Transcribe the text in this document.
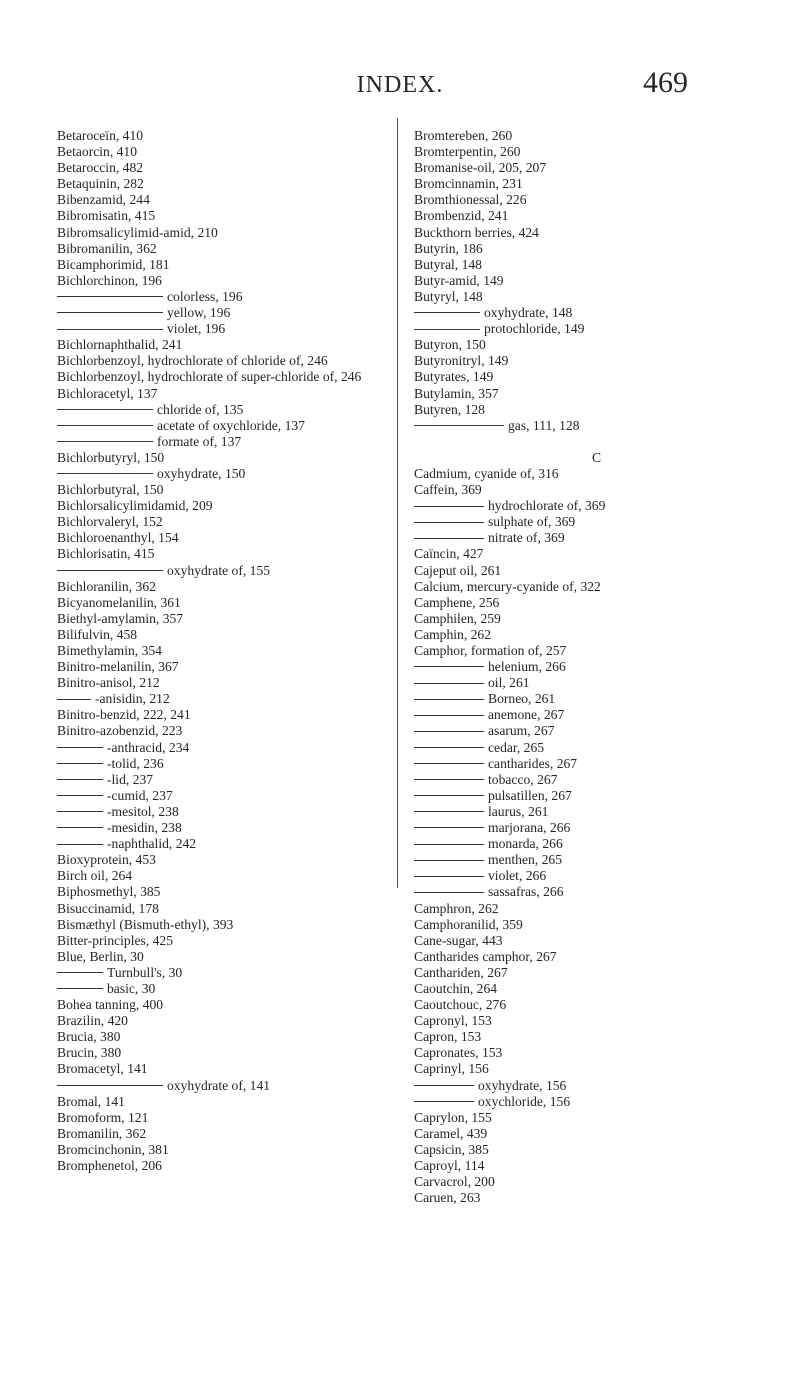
INDEX.	469
Betaroceïn, 410
Betaorcin, 410
Betaroccin, 482
Betaquinin, 282
Bibenzamid, 244
Bibromisatin, 415
Bibromsalicylimid-amid, 210
Bibromanilin, 362
Bicamphorimid, 181
Bichlorchinon, 196
colorless, 196
yellow, 196
violet, 196
Bichlornaphthalid, 241
Bichlorbenzoyl, hydrochlorate of chloride of, 246
Bichlorbenzoyl, hydrochlorate of super-chloride of, 246
Bichloracetyl, 137
chloride of, 135
acetate of oxychloride, 137
formate of, 137
Bichlorbutyryl, 150
oxyhydrate, 150
Bichlorbutyral, 150
Bichlorsalicylimidamid, 209
Bichlorvaleryl, 152
Bichloroenanthyl, 154
Bichlorisatin, 415
oxyhydrate of, 155
Bichloranilin, 362
Bicyanomelanilin, 361
Biethyl-amylamin, 357
Bilifulvin, 458
Bimethylamin, 354
Binitro-melanilin, 367
Binitro-anisol, 212
-anisidin, 212
Binitro-benzid, 222, 241
Binitro-azobenzid, 223
-anthracid, 234
-tolid, 236
-lid, 237
-cumid, 237
-mesitol, 238
-mesidin, 238
-naphthalid, 242
Bioxyprotein, 453
Birch oil, 264
Biphosmethyl, 385
Bisuccinamid, 178
Bismæthyl (Bismuth-ethyl), 393
Bitter-principles, 425
Blue, Berlin, 30
Turnbull's, 30
basic, 30
Bohea tanning, 400
Brazilin, 420
Brucia, 380
Brucin, 380
Bromacetyl, 141
oxyhydrate of, 141
Bromal, 141
Bromoform, 121
Bromanilin, 362
Bromcinchonin, 381
Bromphenetol, 206
Bromtereben, 260
Bromterpentin, 260
Bromanise-oil, 205, 207
Bromcinnamin, 231
Bromthionessal, 226
Brombenzid, 241
Buckthorn berries, 424
Butyrin, 186
Butyral, 148
Butyr-amid, 149
Butyryl, 148
oxyhydrate, 148
protochloride, 149
Butyron, 150
Butyronitryl, 149
Butyrates, 149
Butylamin, 357
Butyren, 128
gas, 111, 128

C
Cadmium, cyanide of, 316
Caffein, 369
hydrochlorate of, 369
sulphate of, 369
nitrate of, 369
Caïncin, 427
Cajeput oil, 261
Calcium, mercury-cyanide of, 322
Camphene, 256
Camphilen, 259
Camphin, 262
Camphor, formation of, 257
helenium, 266
oil, 261
Borneo, 261
anemone, 267
asarum, 267
cedar, 265
cantharides, 267
tobacco, 267
pulsatillen, 267
laurus, 261
marjorana, 266
monarda, 266
menthen, 265
violet, 266
sassafras, 266
Camphron, 262
Camphoranilid, 359
Cane-sugar, 443
Cantharides camphor, 267
Canthariden, 267
Caoutchin, 264
Caoutchouc, 276
Capronyl, 153
Capron, 153
Capronates, 153
Caprinyl, 156
oxyhydrate, 156
oxychloride, 156
Caprylon, 155
Caramel, 439
Capsicin, 385
Caproyl, 114
Carvacrol, 200
Caruen, 263
